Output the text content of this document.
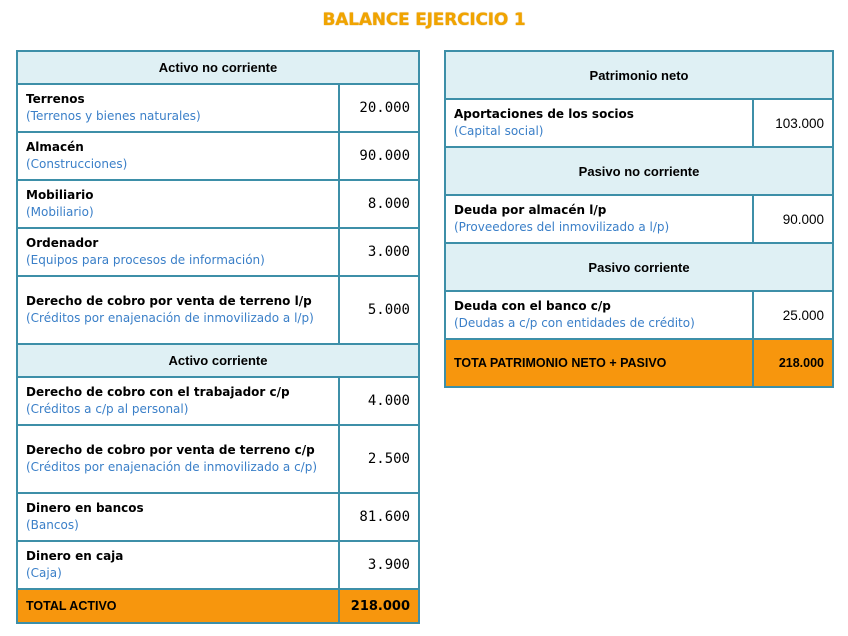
BALANCE EJERCICIO 1
Activo no corriente	

Terrenos
(Terrenos y bienes naturales)	20.000

Almacén
(Construcciones)	90.000

Mobiliario
(Mobiliario)	8.000

Ordenador
(Equipos para procesos de información)	3.000

Derecho de cobro por venta de terreno l/p
(Créditos por enajenación de inmovilizado a l/p)	5.000
Activo corriente	

Derecho de cobro con el trabajador c/p
(Créditos a c/p al personal)	4.000

Derecho de cobro por venta de terreno c/p
(Créditos por enajenación de inmovilizado a c/p)	2.500

Dinero en bancos
(Bancos)	81.600

Dinero en caja
(Caja)	3.900
TOTAL ACTIVO	218.000
Patrimonio neto	

Aportaciones de los socios
(Capital social)	103.000
Pasivo no corriente	

Deuda por almacén l/p
(Proveedores del inmovilizado a l/p)	90.000
Pasivo corriente	

Deuda con el banco c/p
(Deudas a c/p con entidades de crédito)	25.000
TOTA PATRIMONIO NETO + PASIVO	218.000
